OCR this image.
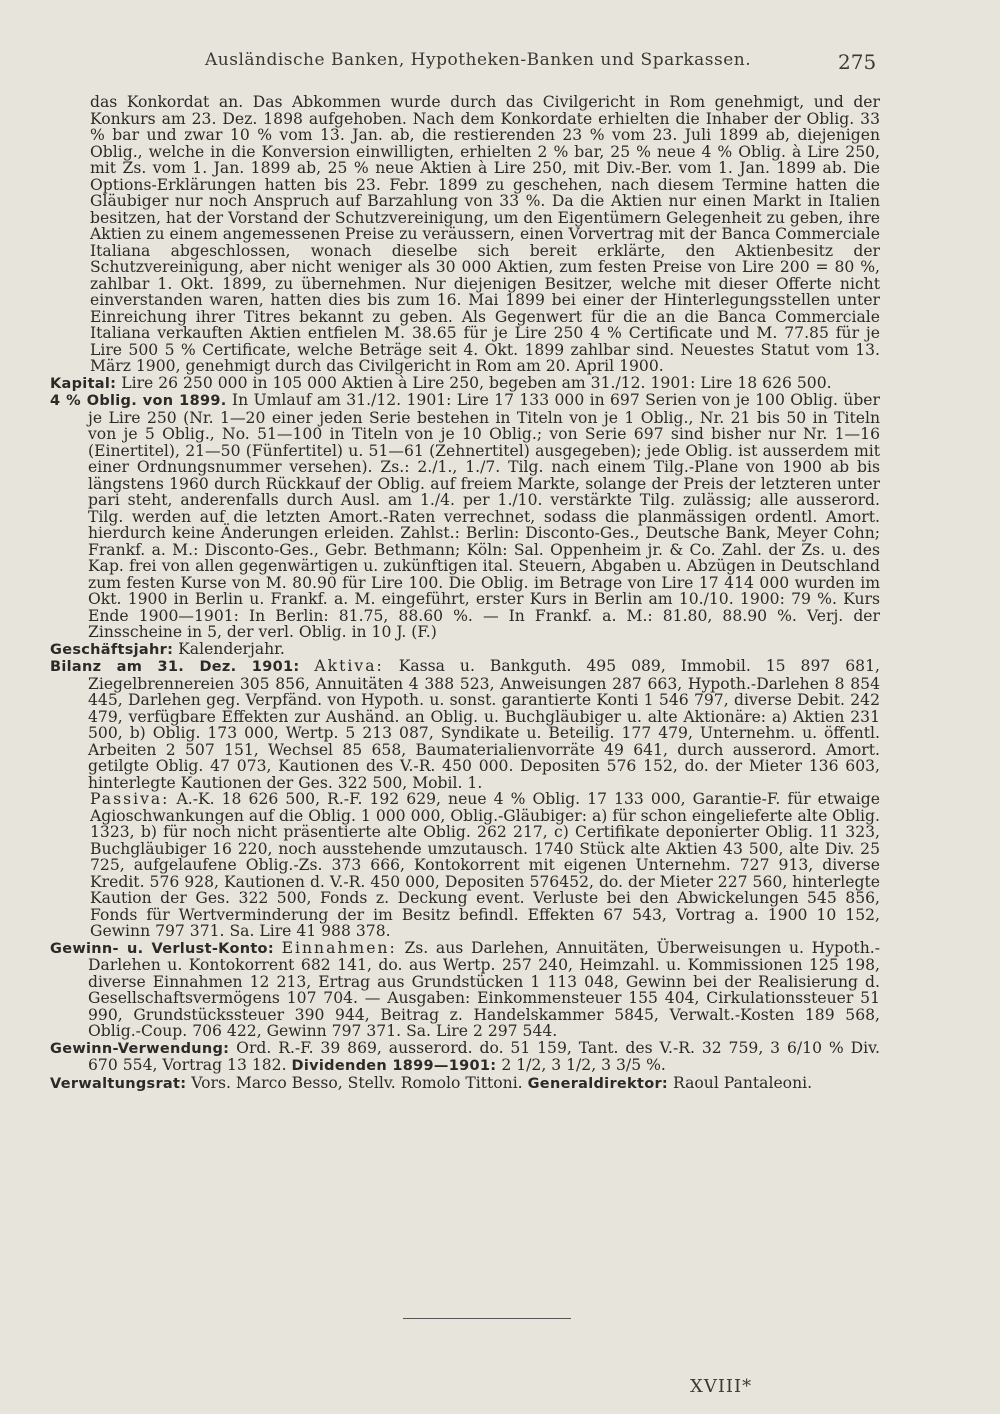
Ausländische Banken, Hypotheken-Banken und Sparkassen.	275

das Konkordat an. Das Abkommen wurde durch das Civilgericht in Rom genehmigt, und der Konkurs am 23. Dez. 1898 aufgehoben. Nach dem Konkordate erhielten die Inhaber der Oblig. 33 % bar und zwar 10 % vom 13. Jan. ab, die restierenden 23 % vom 23. Juli 1899 ab, diejenigen Oblig., welche in die Konversion einwilligten, erhielten 2 % bar, 25 % neue 4 % Oblig. à Lire 250, mit Zs. vom 1. Jan. 1899 ab, 25 % neue Aktien à Lire 250, mit Div.-Ber. vom 1. Jan. 1899 ab. Die Options-Erklärungen hatten bis 23. Febr. 1899 zu geschehen, nach diesem Termine hatten die Gläubiger nur noch Anspruch auf Barzahlung von 33 %. Da die Aktien nur einen Markt in Italien besitzen, hat der Vorstand der Schutzvereinigung, um den Eigentümern Gelegenheit zu geben, ihre Aktien zu einem angemessenen Preise zu veräussern, einen Vorvertrag mit der Banca Commerciale Italiana abgeschlossen, wonach dieselbe sich bereit erklärte, den Aktienbesitz der Schutzvereinigung, aber nicht weniger als 30 000 Aktien, zum festen Preise von Lire 200 = 80 %, zahlbar 1. Okt. 1899, zu übernehmen. Nur diejenigen Besitzer, welche mit dieser Offerte nicht einverstanden waren, hatten dies bis zum 16. Mai 1899 bei einer der Hinterlegungsstellen unter Einreichung ihrer Titres bekannt zu geben. Als Gegenwert für die an die Banca Commerciale Italiana verkauften Aktien entfielen M. 38.65 für je Lire 250 4 % Certificate und M. 77.85 für je Lire 500 5 % Certificate, welche Beträge seit 4. Okt. 1899 zahlbar sind. Neuestes Statut vom 13. März 1900, genehmigt durch das Civilgericht in Rom am 20. April 1900.

Kapital: Lire 26 250 000 in 105 000 Aktien à Lire 250, begeben am 31./12. 1901: Lire 18 626 500.

4 % Oblig. von 1899. In Umlauf am 31./12. 1901: Lire 17 133 000 in 697 Serien von je 100 Oblig. über je Lire 250 (Nr. 1—20 einer jeden Serie bestehen in Titeln von je 1 Oblig., Nr. 21 bis 50 in Titeln von je 5 Oblig., No. 51—100 in Titeln von je 10 Oblig.; von Serie 697 sind bisher nur Nr. 1—16 (Einertitel), 21—50 (Fünfertitel) u. 51—61 (Zehnertitel) ausgegeben); jede Oblig. ist ausserdem mit einer Ordnungsnummer versehen). Zs.: 2./1., 1./7. Tilg. nach einem Tilg.-Plane von 1900 ab bis längstens 1960 durch Rückkauf der Oblig. auf freiem Markte, solange der Preis der letzteren unter pari steht, anderenfalls durch Ausl. am 1./4. per 1./10. verstärkte Tilg. zulässig; alle ausserord. Tilg. werden auf die letzten Amort.-Raten verrechnet, sodass die planmässigen ordentl. Amort. hierdurch keine Änderungen erleiden. Zahlst.: Berlin: Disconto-Ges., Deutsche Bank, Meyer Cohn; Frankf. a. M.: Disconto-Ges., Gebr. Bethmann; Köln: Sal. Oppenheim jr. & Co. Zahl. der Zs. u. des Kap. frei von allen gegenwärtigen u. zukünftigen ital. Steuern, Abgaben u. Abzügen in Deutschland zum festen Kurse von M. 80.90 für Lire 100. Die Oblig. im Betrage von Lire 17 414 000 wurden im Okt. 1900 in Berlin u. Frankf. a. M. eingeführt, erster Kurs in Berlin am 10./10. 1900: 79 %. Kurs Ende 1900—1901: In Berlin: 81.75, 88.60 %. — In Frankf. a. M.: 81.80, 88.90 %. Verj. der Zinsscheine in 5, der verl. Oblig. in 10 J. (F.)

Geschäftsjahr: Kalenderjahr.

Bilanz am 31. Dez. 1901: Aktiva: Kassa u. Bankguth. 495 089, Immobil. 15 897 681, Ziegelbrennereien 305 856, Annuitäten 4 388 523, Anweisungen 287 663, Hypoth.-Darlehen 8 854 445, Darlehen geg. Verpfänd. von Hypoth. u. sonst. garantierte Konti 1 546 797, diverse Debit. 242 479, verfügbare Effekten zur Aushänd. an Oblig. u. Buchgläubiger u. alte Aktionäre: a) Aktien 231 500, b) Oblig. 173 000, Wertp. 5 213 087, Syndikate u. Beteilig. 177 479, Unternehm. u. öffentl. Arbeiten 2 507 151, Wechsel 85 658, Baumaterialienvorräte 49 641, durch ausserord. Amort. getilgte Oblig. 47 073, Kautionen des V.-R. 450 000. Depositen 576 152, do. der Mieter 136 603, hinterlegte Kautionen der Ges. 322 500, Mobil. 1.

Passiva: A.-K. 18 626 500, R.-F. 192 629, neue 4 % Oblig. 17 133 000, Garantie-F. für etwaige Agioschwankungen auf die Oblig. 1 000 000, Oblig.-Gläubiger: a) für schon eingelieferte alte Oblig. 1323, b) für noch nicht präsentierte alte Oblig. 262 217, c) Certifikate deponierter Oblig. 11 323, Buchgläubiger 16 220, noch ausstehende umzutausch. 1740 Stück alte Aktien 43 500, alte Div. 25 725, aufgelaufene Oblig.-Zs. 373 666, Kontokorrent mit eigenen Unternehm. 727 913, diverse Kredit. 576 928, Kautionen d. V.-R. 450 000, Depositen 576452, do. der Mieter 227 560, hinterlegte Kaution der Ges. 322 500, Fonds z. Deckung event. Verluste bei den Abwickelungen 545 856, Fonds für Wertverminderung der im Besitz befindl. Effekten 67 543, Vortrag a. 1900 10 152, Gewinn 797 371. Sa. Lire 41 988 378.

Gewinn- u. Verlust-Konto: Einnahmen: Zs. aus Darlehen, Annuitäten, Überweisungen u. Hypoth.-Darlehen u. Kontokorrent 682 141, do. aus Wertp. 257 240, Heimzahl. u. Kommissionen 125 198, diverse Einnahmen 12 213, Ertrag aus Grundstücken 1 113 048, Gewinn bei der Realisierung d. Gesellschaftsvermögens 107 704. — Ausgaben: Einkommensteuer 155 404, Cirkulationssteuer 51 990, Grundstückssteuer 390 944, Beitrag z. Handelskammer 5845, Verwalt.-Kosten 189 568, Oblig.-Coup. 706 422, Gewinn 797 371. Sa. Lire 2 297 544.

Gewinn-Verwendung: Ord. R.-F. 39 869, ausserord. do. 51 159, Tant. des V.-R. 32 759, 3 6/10 % Div. 670 554, Vortrag 13 182. Dividenden 1899—1901: 2 1/2, 3 1/2, 3 3/5 %.

Verwaltungsrat: Vors. Marco Besso, Stellv. Romolo Tittoni. Generaldirektor: Raoul Pantaleoni.

XVIII*
